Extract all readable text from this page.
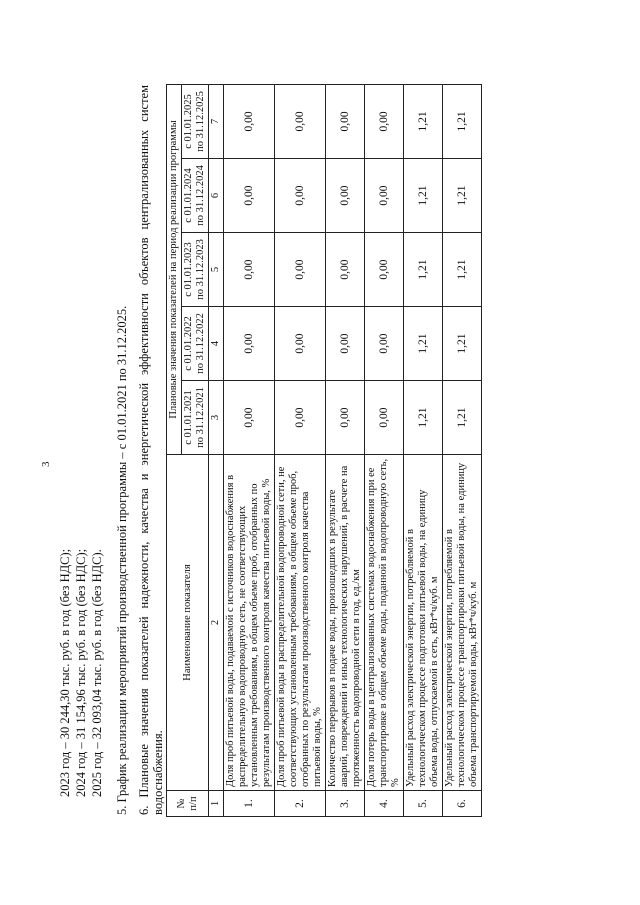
3
2023 год – 30 244,30 тыс. руб. в год (без НДС); 2024 год – 31 154,96 тыс. руб. в год (без НДС); 2025 год – 32 093,04 тыс. руб. в год (без НДС). 5. График реализации мероприятий производственной программы – с 01.01.2021 по 31.12.2025. 6. Плановые значения показателей надежности, качества и энергетической эффективности объектов централизованных систем водоснабжения. № п/п	Наименование показателя	Плановые значения показателей на период реализации программы				
		с 01.01.2021 по 31.12.2021	с 01.01.2022 по 31.12.2022	с 01.01.2023 по 31.12.2023	с 01.01.2024 по 31.12.2024	с 01.01.2025 по 31.12.2025
1	2	3	4	5	6	7
1.	Доля проб питьевой воды, подаваемой с источников водоснабжения в распределительную водопроводную сеть, не соответствующих установленным требованиям, в общем объеме проб, отобранных по результатам производственного контроля качества питьевой воды, %	0,00	0,00	0,00	0,00	0,00
2.	Доля проб питьевой воды в распределительной водопроводной сети, не соответствующих установленным требованиям, в общем объеме проб, отобранных по результатам производственного контроля качества питьевой воды, %	0,00	0,00	0,00	0,00	0,00
3.	Количество перерывов в подаче воды, произошедших в результате аварий, повреждений и иных технологических нарушений, в расчете на протяженность водопроводной сети в год, ед./км	0,00	0,00	0,00	0,00	0,00
4.	Доля потерь воды в централизованных системах водоснабжения при ее транспортировке в общем объеме воды, поданной в водопроводную сеть, %	0,00	0,00	0,00	0,00	0,00
5.	Удельный расход электрической энергии, потребляемой в технологическом процессе подготовки питьевой воды, на единицу объема воды, отпускаемой в сеть, кВт*ч/куб. м	1,21	1,21	1,21	1,21	1,21
6.	Удельный расход электрической энергии, потребляемой в технологическом процессе транспортировки питьевой воды, на единицу объема транспортируемой воды, кВт*ч/куб. м	1,21	1,21	1,21	1,21	1,21
